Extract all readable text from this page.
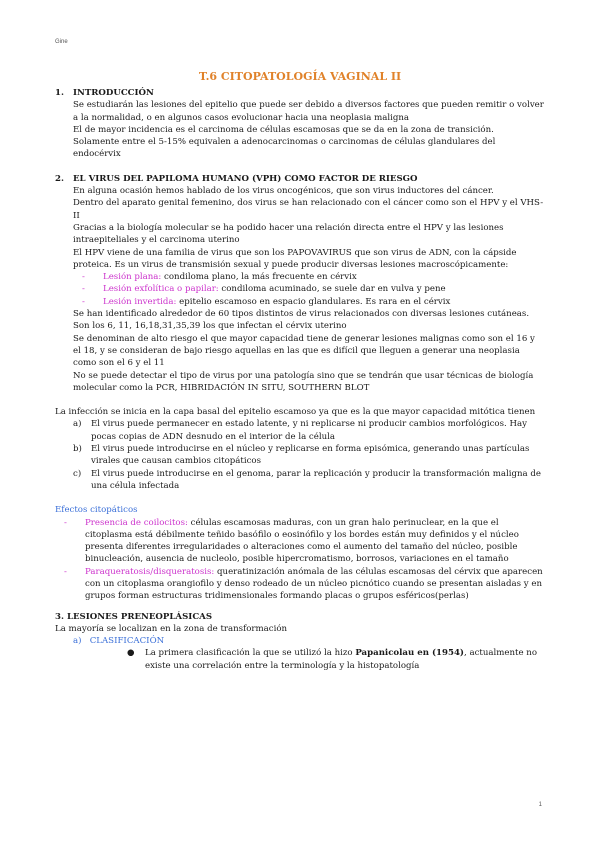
Gine
T.6 CITOPATOLOGÍA VAGINAL II
1. INTRODUCCIÓN

Se estudiarán las lesiones del epitelio que puede ser debido a diversos factores que pueden remitir o volver a la normalidad, o en algunos casos evolucionar hacia una neoplasia maligna

El de mayor incidencia es el carcinoma de células escamosas que se da en la zona de transición.

Solamente entre el 5-15% equivalen a adenocarcinomas o carcinomas de células glandulares del endocérvix

2. EL VIRUS DEL PAPILOMA HUMANO (VPH) COMO FACTOR DE RIESGO

En alguna ocasión hemos hablado de los virus oncogénicos, que son virus inductores del cáncer.

Dentro del aparato genital femenino, dos virus se han relacionado con el cáncer como son el HPV y el VHS-II

Gracias a la biología molecular se ha podido hacer una relación directa entre el HPV y las lesiones intraepiteliales y el carcinoma uterino

El HPV viene de una familia de virus que son los PAPOVAVIRUS que son virus de ADN, con la cápside proteica. Es un virus de transmisión sexual y puede producir diversas lesiones macroscópicamente:

- Lesión plana: condiloma plano, la más frecuente en cérvix
- Lesión exfolítica o papilar: condiloma acuminado, se suele dar en vulva y pene
- Lesión invertida: epitelio escamoso en espacio glandulares. Es rara en el cérvix

Se han identificado alrededor de 60 tipos distintos de virus relacionados con diversas lesiones cutáneas. Son los 6, 11, 16,18,31,35,39 los que infectan el cérvix uterino

Se denominan de alto riesgo el que mayor capacidad tiene de generar lesiones malignas como son el 16 y el 18, y se consideran de bajo riesgo aquellas en las que es difícil que lleguen a generar una neoplasia como son el 6 y el 11

No se puede detectar el tipo de virus por una patología sino que se tendrán que usar técnicas de biología molecular como la PCR, HIBRIDACIÓN IN SITU, SOUTHERN BLOT

La infección se inicia en la capa basal del epitelio escamoso ya que es la que mayor capacidad mitótica tienen

a) El virus puede permanecer en estado latente, y ni replicarse ni producir cambios morfológicos. Hay pocas copias de ADN desnudo en el interior de la célula
b) El virus puede introducirse en el núcleo y replicarse en forma episómica, generando unas partículas virales que causan cambios citopáticos
c) El virus puede introducirse en el genoma, parar la replicación y producir la transformación maligna de una célula infectada

Efectos citopáticos

- Presencia de coilocitos: células escamosas maduras, con un gran halo perinuclear, en la que el citoplasma está débilmente teñido basófilo o eosinófilo y los bordes están muy definidos y el núcleo presenta diferentes irregularidades o alteraciones como el aumento del tamaño del núcleo, posible binucleación, ausencia de nucleolo, posible hipercromatismo, borrosos, variaciones en el tamaño
- Paraqueratosis/disqueratosis: queratinización anómala de las células escamosas del cérvix que aparecen con un citoplasma orangiofilo y denso rodeado de un núcleo picnótico cuando se presentan aisladas y en grupos forman estructuras tridimensionales formando placas o grupos esféricos(perlas)

3. LESIONES PRENEOPLÁSICAS

La mayoría se localizan en la zona de transformación

a) CLASIFICACIÓN

● La primera clasificación la que se utilizó la hizo Papanicolau en (1954), actualmente no existe una correlación entre la terminología y la histopatología
1
